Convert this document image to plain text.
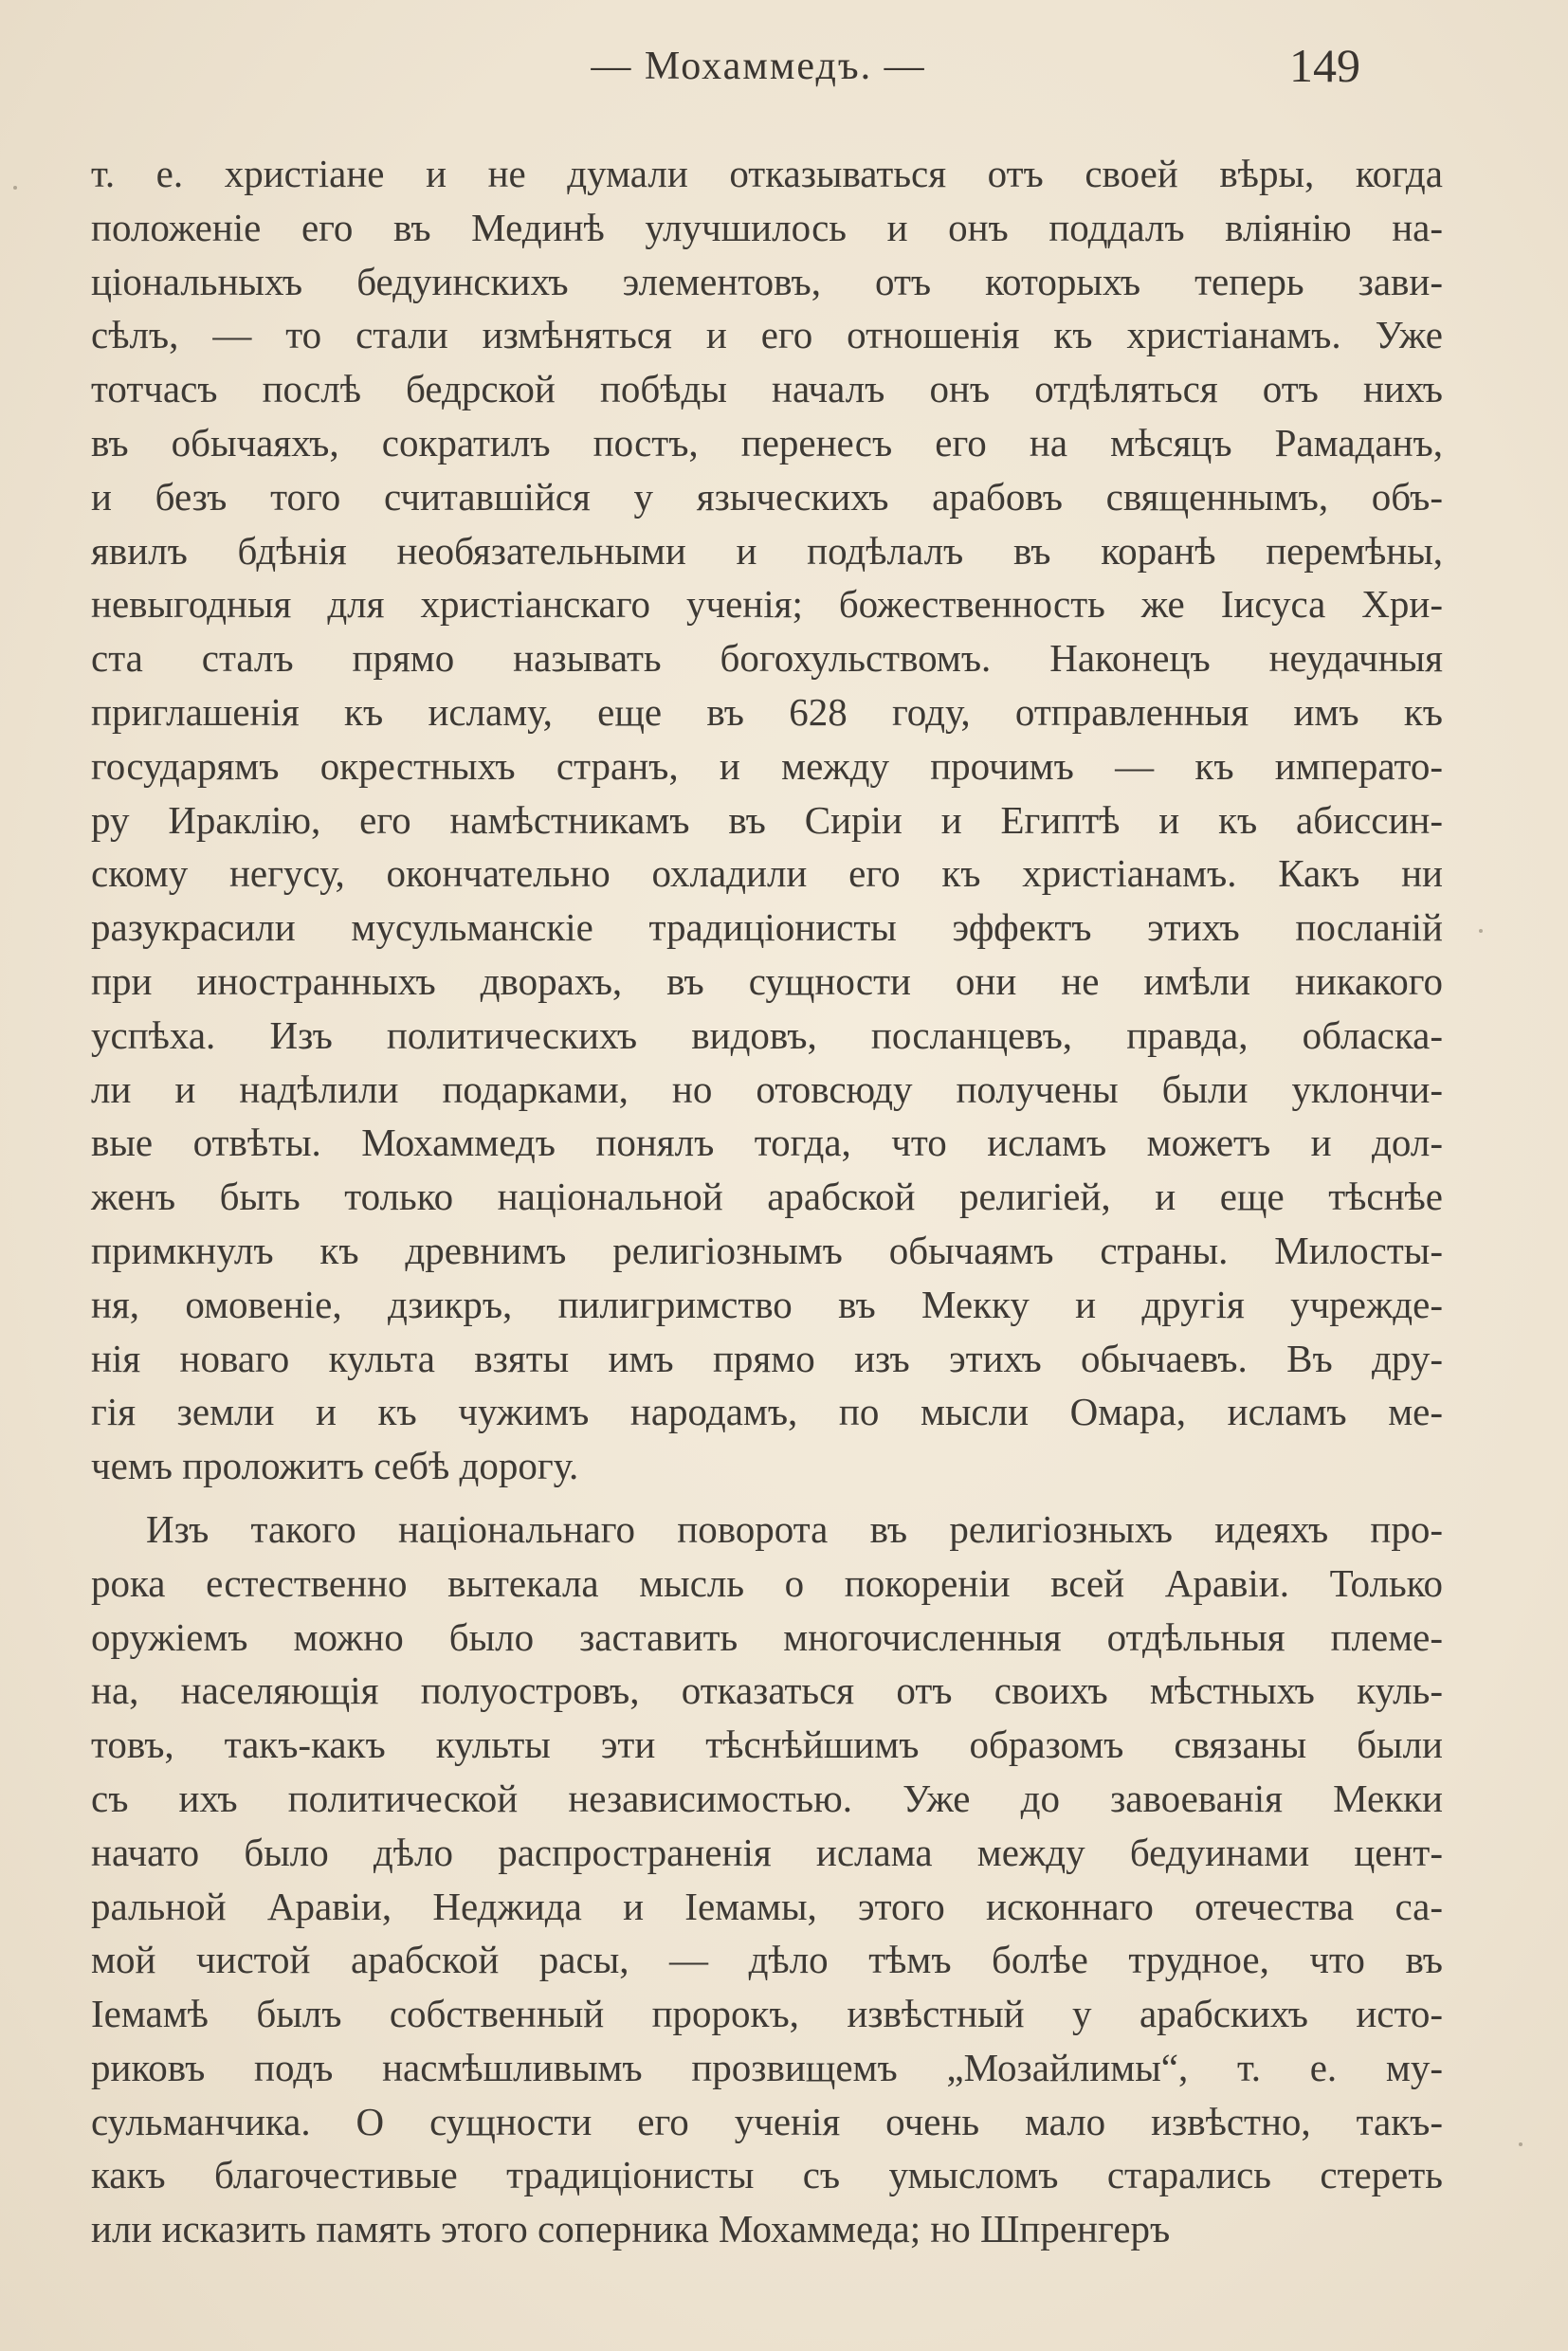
— Мохаммедъ. —	149
т. е. христіане и не думали отказываться отъ своей вѣры, когда
положеніе его въ Мединѣ улучшилось и онъ поддалъ вліянію на-
ціональныхъ бедуинскихъ элементовъ, отъ которыхъ теперь зави-
сѣлъ, — то стали измѣняться и его отношенія къ христіанамъ. Уже
тотчасъ послѣ бедрской побѣды началъ онъ отдѣляться отъ нихъ
въ обычаяхъ, сократилъ постъ, перенесъ его на мѣсяцъ Рамаданъ,
и безъ того считавшійся у языческихъ арабовъ священнымъ, объ-
явилъ бдѣнія необязательными и подѣлалъ въ коранѣ перемѣны,
невыгодныя для христіанскаго ученія; божественность же Іисуса Хри-
ста сталъ прямо называть богохульствомъ. Наконецъ неудачныя
приглашенія къ исламу, еще въ 628 году, отправленныя имъ къ
государямъ окрестныхъ странъ, и между прочимъ — къ императо-
ру Ираклію, его намѣстникамъ въ Сиріи и Египтѣ и къ абиссин-
скому негусу, окончательно охладили его къ христіанамъ. Какъ ни
разукрасили мусульманскіе традиціонисты эффектъ этихъ посланій
при иностранныхъ дворахъ, въ сущности они не имѣли никакого
успѣха. Изъ политическихъ видовъ, посланцевъ, правда, обласка-
ли и надѣлили подарками, но отовсюду получены были уклончи-
вые отвѣты. Мохаммедъ понялъ тогда, что исламъ можетъ и дол-
женъ быть только національной арабской религіей, и еще тѣснѣе
примкнулъ къ древнимъ религіознымъ обычаямъ страны. Милосты-
ня, омовеніе, дзикръ, пилигримство въ Мекку и другія учрежде-
нія новаго культа взяты имъ прямо изъ этихъ обычаевъ. Въ дру-
гія земли и къ чужимъ народамъ, по мысли Омара, исламъ ме-
чемъ проложитъ себѣ дорогу.
Изъ такого національнаго поворота въ религіозныхъ идеяхъ про-
рока естественно вытекала мысль о покореніи всей Аравіи. Только
оружіемъ можно было заставить многочисленныя отдѣльныя племе-
на, населяющія полуостровъ, отказаться отъ своихъ мѣстныхъ куль-
товъ, такъ-какъ культы эти тѣснѣйшимъ образомъ связаны были
съ ихъ политической независимостью. Уже до завоеванія Мекки
начато было дѣло распространенія ислама между бедуинами цент-
ральной Аравіи, Неджида и Іемамы, этого исконнаго отечества са-
мой чистой арабской расы, — дѣло тѣмъ болѣе трудное, что въ
Іемамѣ былъ собственный пророкъ, извѣстный у арабскихъ исто-
риковъ подъ насмѣшливымъ прозвищемъ „Мозайлимы“, т. е. му-
сульманчика. О сущности его ученія очень мало извѣстно, такъ-
какъ благочестивые традиціонисты съ умысломъ старались стереть
или исказить память этого соперника Мохаммеда; но Шпренгеръ
